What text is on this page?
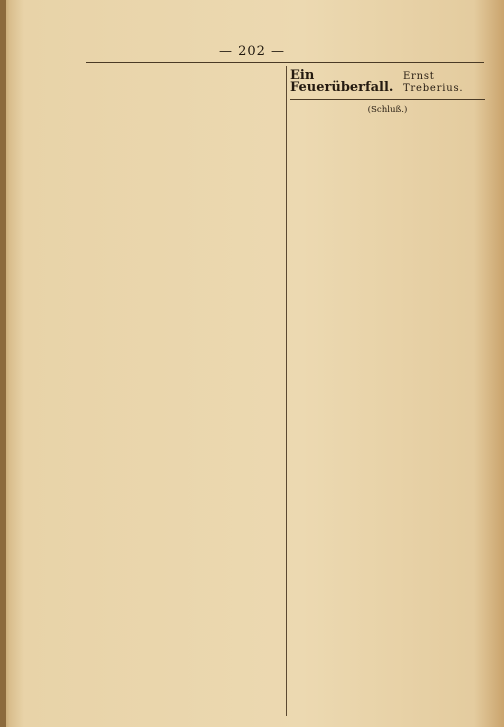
— 202 —
Ein Feuerüberfall.
Ernst Treberius.
(Schluß.)
